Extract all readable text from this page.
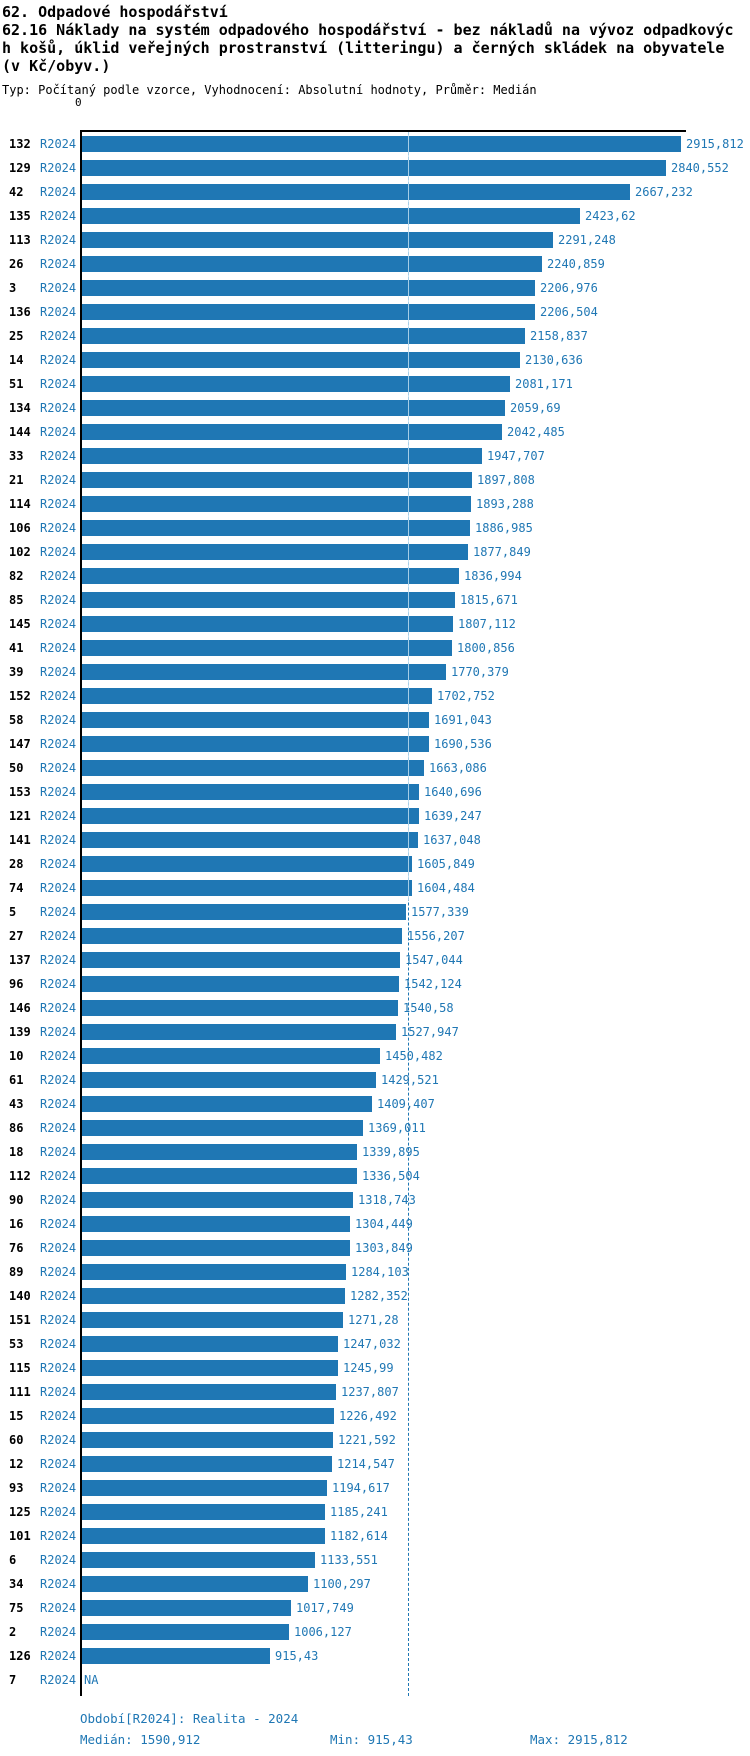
62. Odpadové hospodářství
62.16 Náklady na systém odpadového hospodářství - bez nákladů na vývoz odpadkovýc
h košů, úklid veřejných prostranství (litteringu) a černých skládek na obyvatele
(v Kč/obyv.)
Typ: Počítaný podle vzorce, Vyhodnocení: Absolutní hodnoty, Průměr: Medián
0
132 R2024	2915,812
129 R2024	2840,552
42 R2024	2667,232
135 R2024	2423,62
113 R2024	2291,248
26 R2024	2240,859
3 R2024	2206,976
136 R2024	2206,504
25 R2024	2158,837
14 R2024	2130,636
51 R2024	2081,171
134 R2024	2059,69
144 R2024	2042,485
33 R2024	1947,707
21 R2024	1897,808
114 R2024	1893,288
106 R2024	1886,985
102 R2024	1877,849
82 R2024	1836,994
85 R2024	1815,671
145 R2024	1807,112
41 R2024	1800,856
39 R2024	1770,379
152 R2024	1702,752
58 R2024	1691,043
147 R2024	1690,536
50 R2024	1663,086
153 R2024	1640,696
121 R2024	1639,247
141 R2024	1637,048
28 R2024	1605,849
74 R2024	1604,484
5 R2024	1577,339
27 R2024	1556,207
137 R2024	1547,044
96 R2024	1542,124
146 R2024	1540,58
139 R2024	1527,947
10 R2024	1450,482
61 R2024	1429,521
43 R2024	1409,407
86 R2024	1369,011
18 R2024	1339,895
112 R2024	1336,504
90 R2024	1318,743
16 R2024	1304,449
76 R2024	1303,849
89 R2024	1284,103
140 R2024	1282,352
151 R2024	1271,28
53 R2024	1247,032
115 R2024	1245,99
111 R2024	1237,807
15 R2024	1226,492
60 R2024	1221,592
12 R2024	1214,547
93 R2024	1194,617
125 R2024	1185,241
101 R2024	1182,614
6 R2024	1133,551
34 R2024	1100,297
75 R2024	1017,749
2 R2024	1006,127
126 R2024	915,43
7 R2024 NA
Období[R2024]: Realita - 2024
Medián: 1590,912	Min: 915,43	Max: 2915,812
